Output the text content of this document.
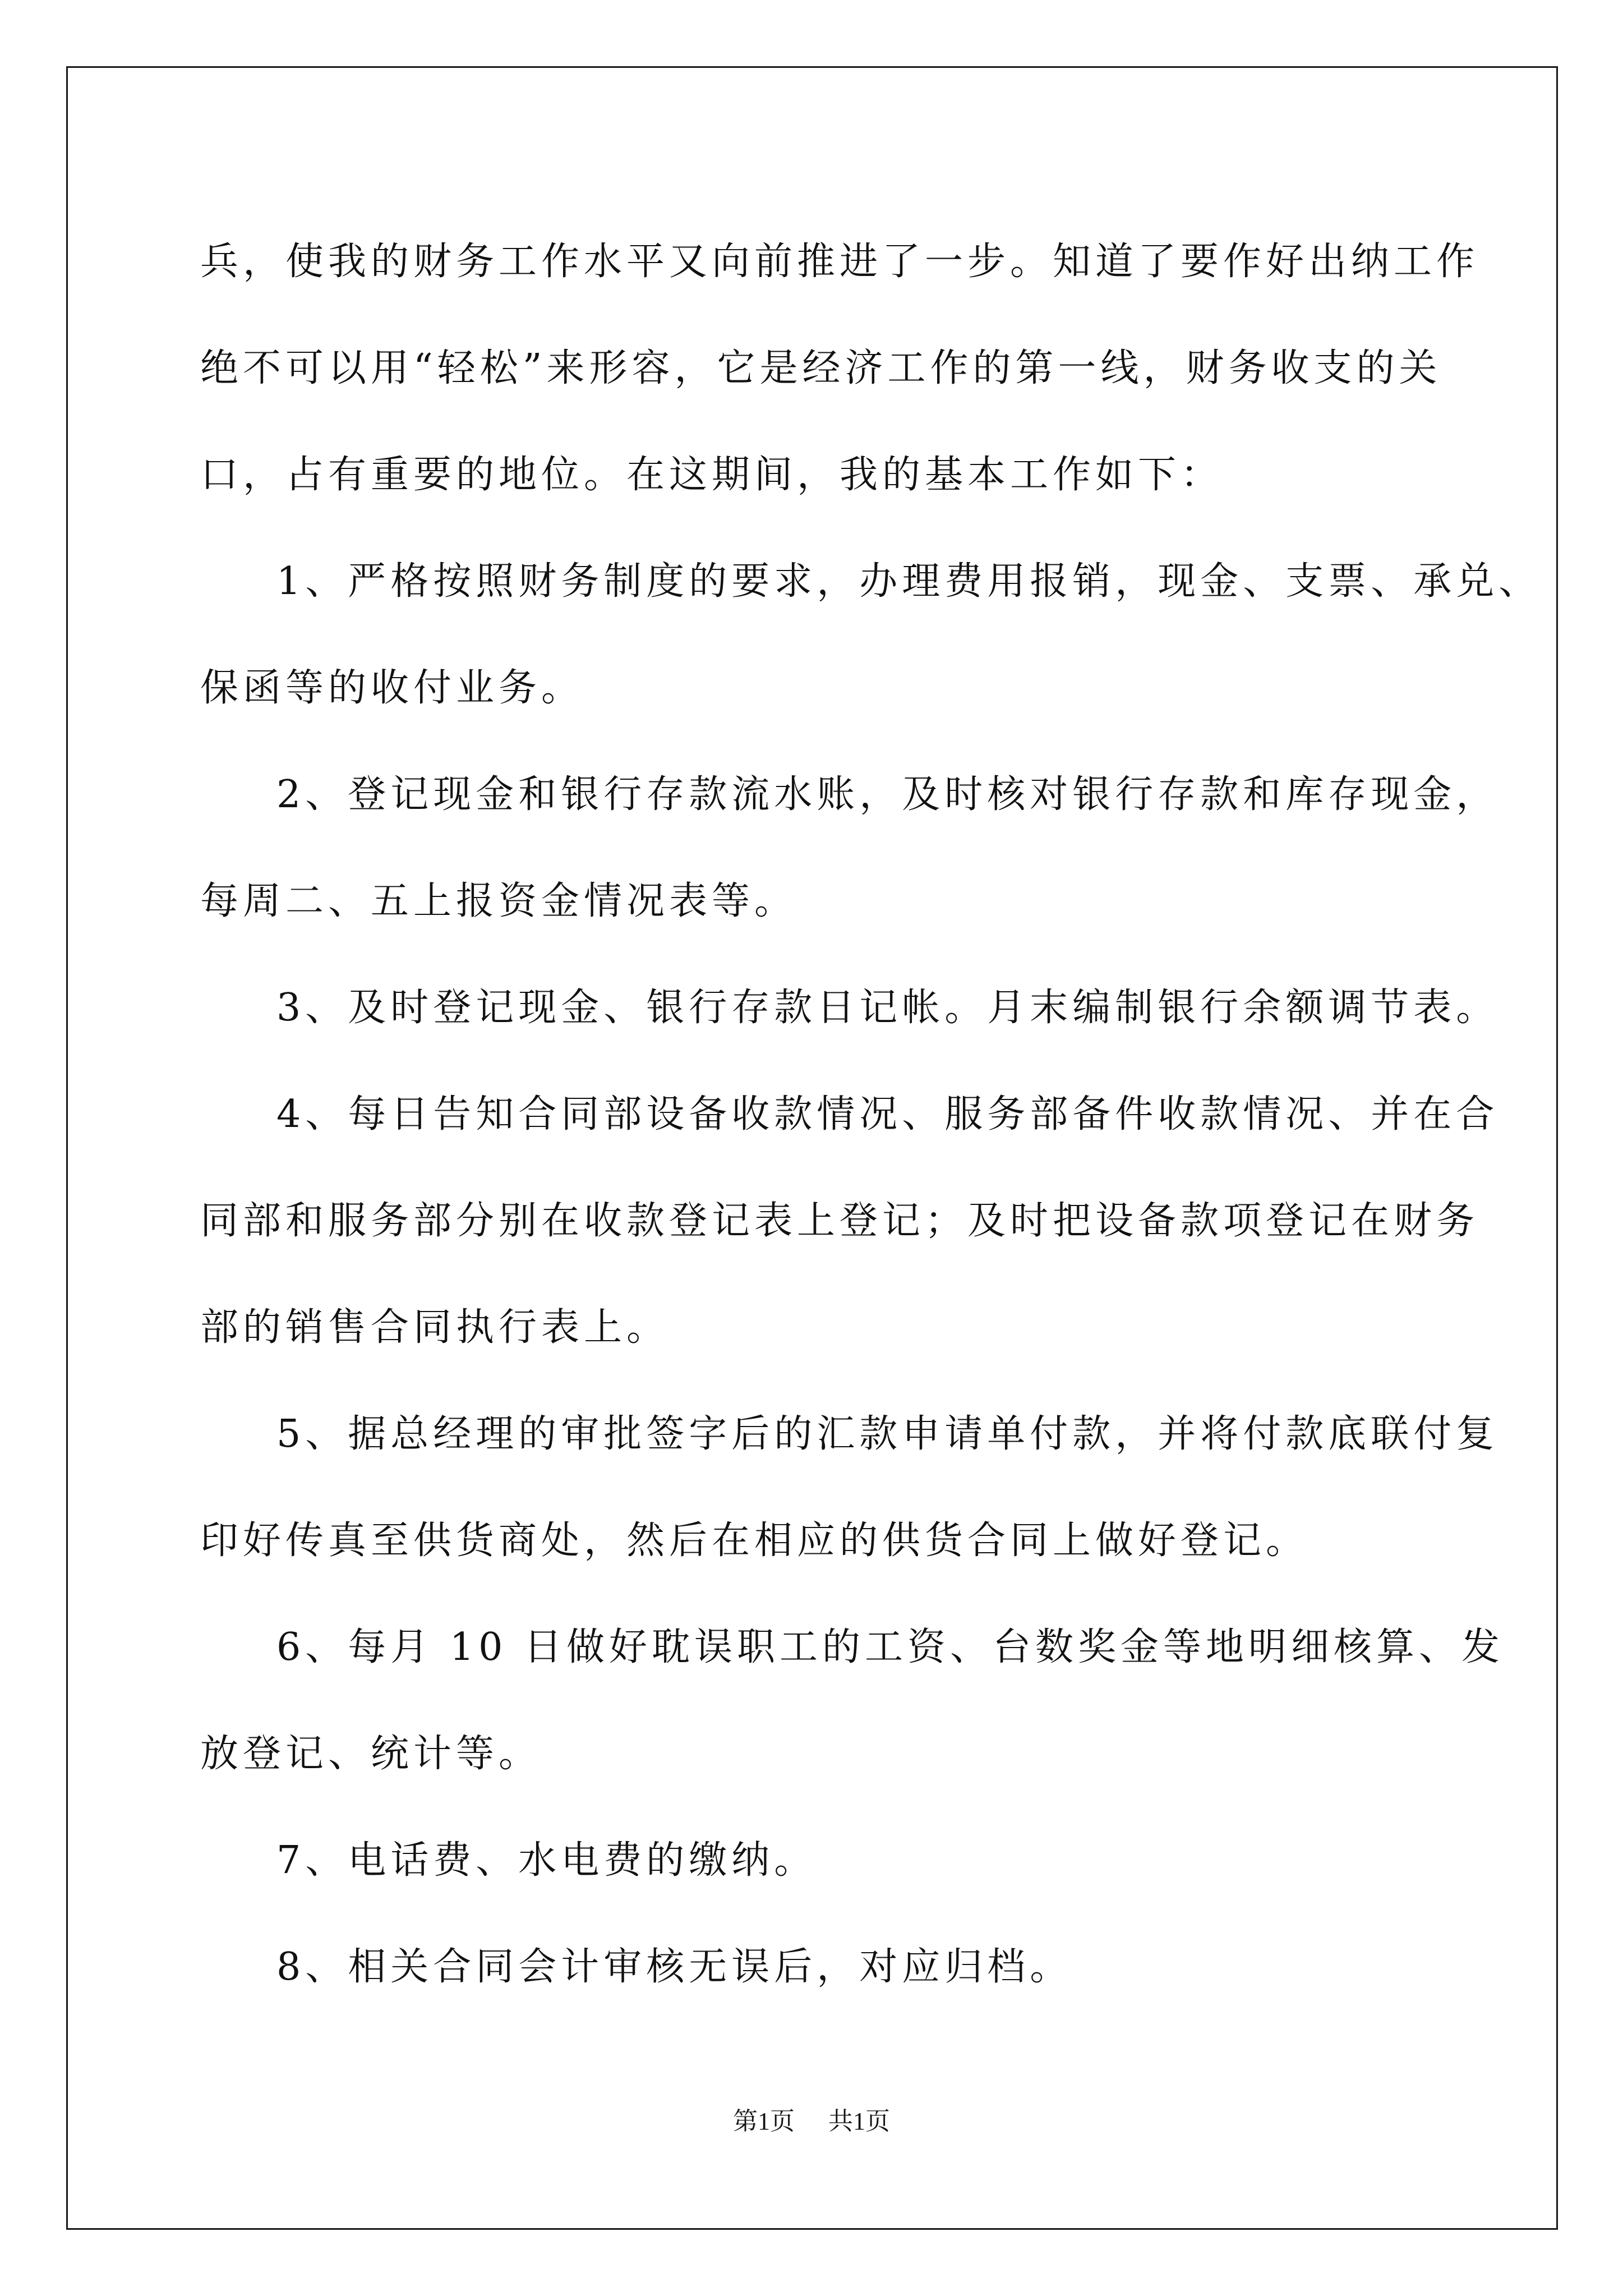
兵，使我的财务工作水平又向前推进了一步。知道了要作好出纳工作
绝不可以用“轻松”来形容，它是经济工作的第一线，财务收支的关
口，占有重要的地位。在这期间，我的基本工作如下：
1、严格按照财务制度的要求，办理费用报销，现金、支票、承兑、
保函等的收付业务。
2、登记现金和银行存款流水账，及时核对银行存款和库存现金，
每周二、五上报资金情况表等。
3、及时登记现金、银行存款日记帐。月末编制银行余额调节表。
4、每日告知合同部设备收款情况、服务部备件收款情况、并在合
同部和服务部分别在收款登记表上登记；及时把设备款项登记在财务
部的销售合同执行表上。
5、据总经理的审批签字后的汇款申请单付款，并将付款底联付复
印好传真至供货商处，然后在相应的供货合同上做好登记。
6、每月 10 日做好耽误职工的工资、台数奖金等地明细核算、发
放登记、统计等。
7、电话费、水电费的缴纳。
8、相关合同会计审核无误后，对应归档。
第1页 共1页
